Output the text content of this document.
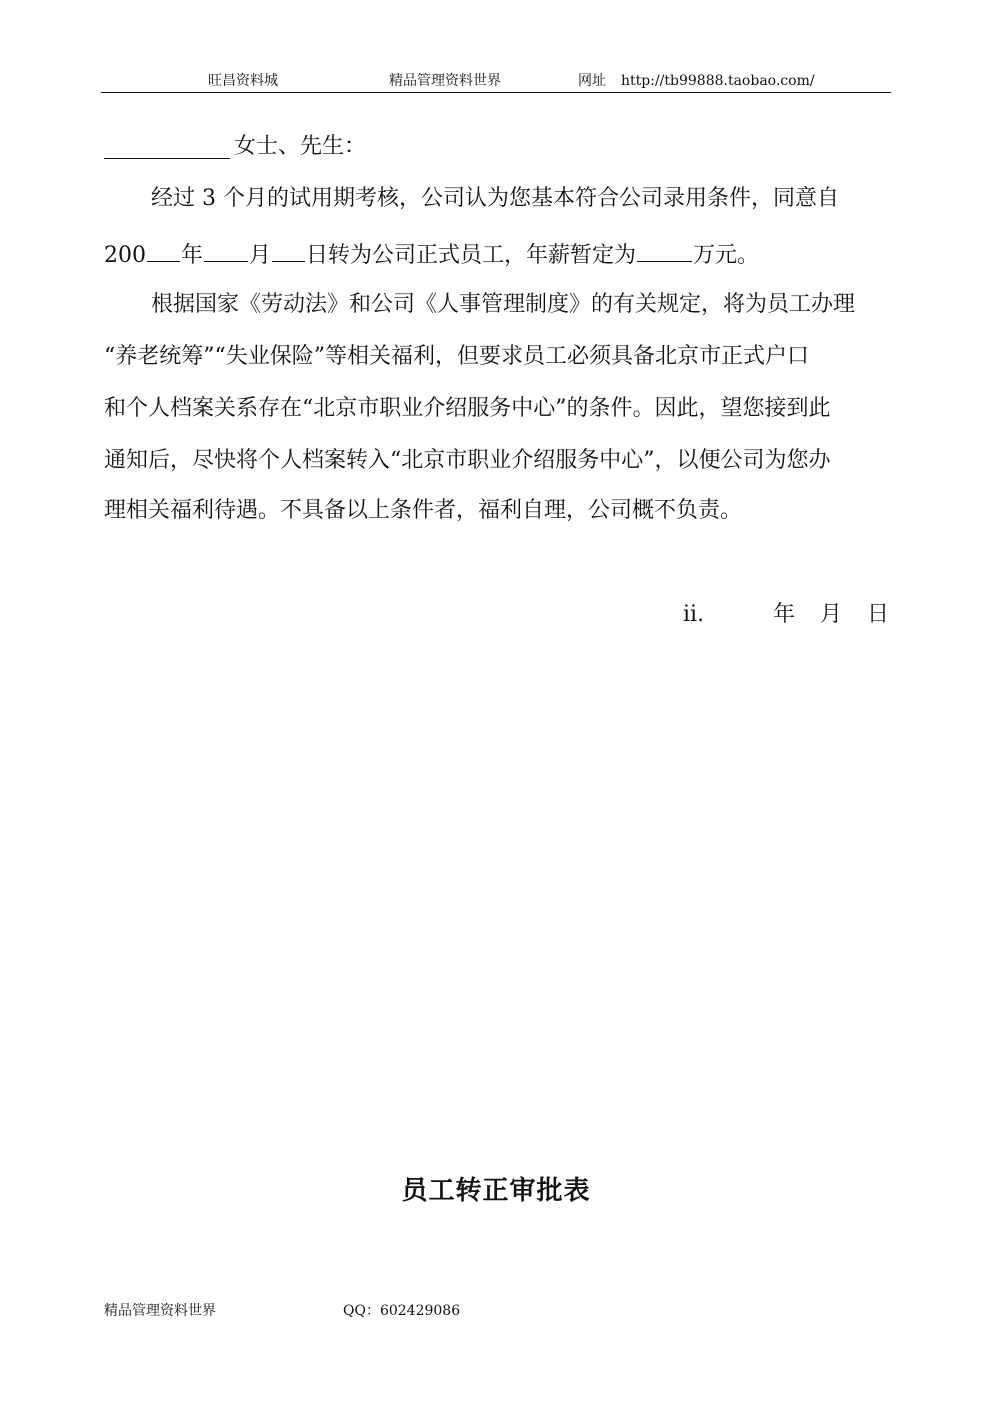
旺昌资料城	精品管理资料世界	网址 http://tb99888.taobao.com/
女士、先生：
经过 3 个月的试用期考核，公司认为您基本符合公司录用条件，同意自
200 年 月 日转为公司正式员工，年薪暂定为	万元。
根据国家《劳动法》和公司《人事管理制度》的有关规定，将为员工办理
“养老统筹”“失业保险”等相关福利，但要求员工必须具备北京市正式户口
和个人档案关系存在“北京市职业介绍服务中心”的条件。因此，望您接到此
通知后，尽快将个人档案转入“北京市职业介绍服务中心”，以便公司为您办
理相关福利待遇。不具备以上条件者，福利自理，公司概不负责。
ii.	年 月 日
员工转正审批表
精品管理资料世界	QQ：602429086
